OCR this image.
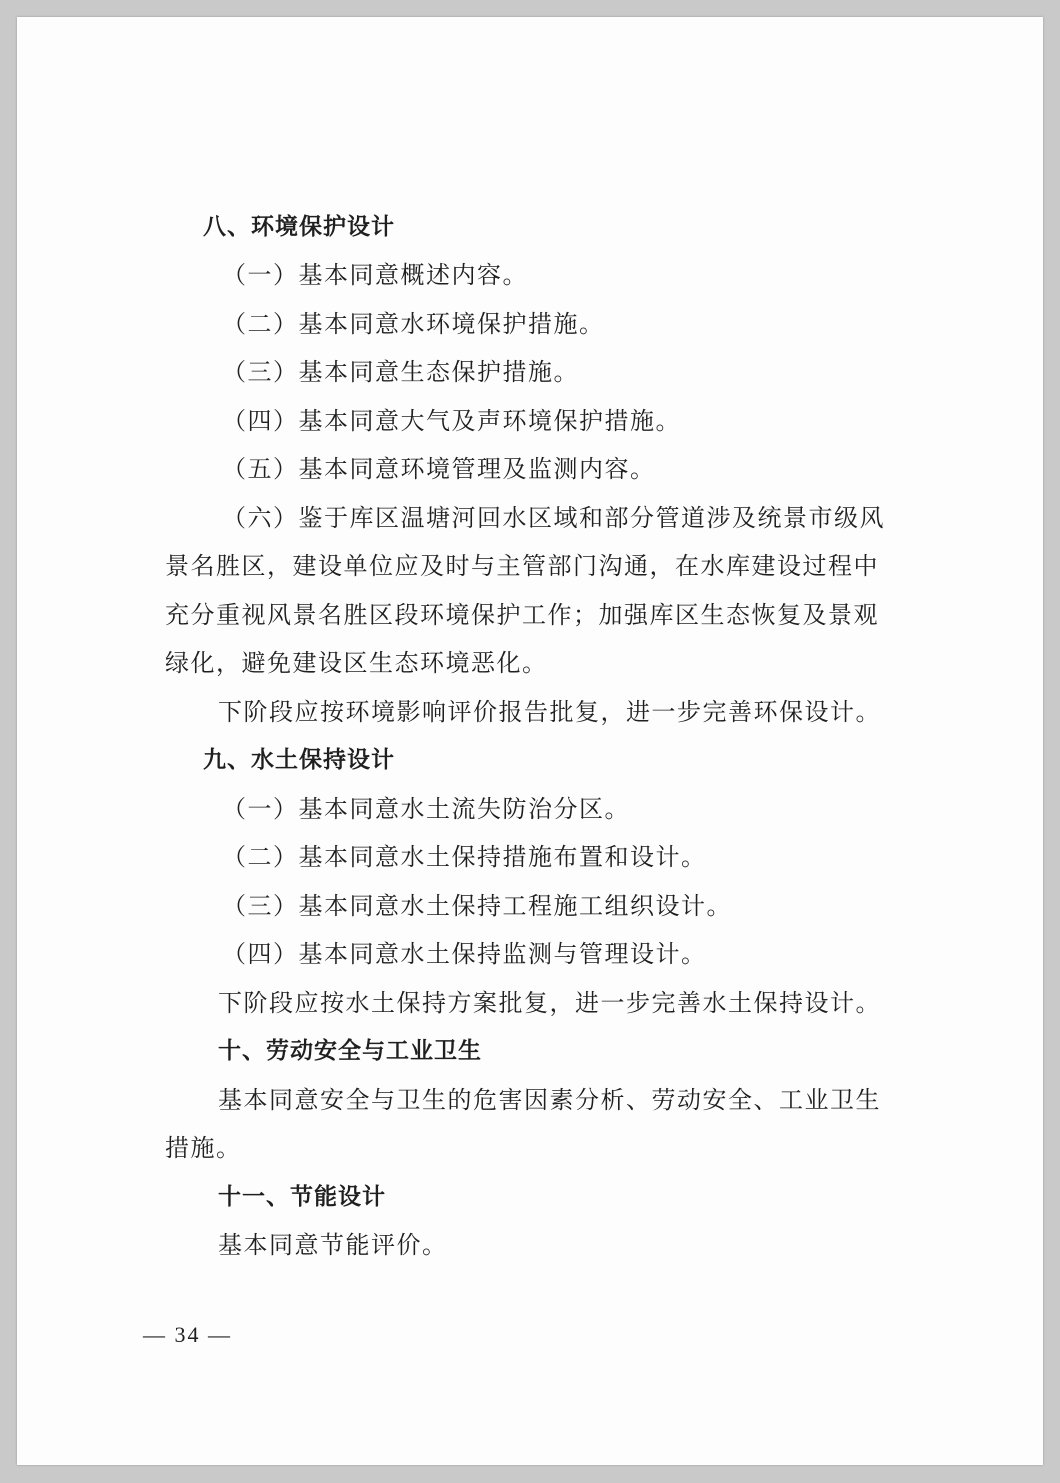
八、环境保护设计
（一）基本同意概述内容。
（二）基本同意水环境保护措施。
（三）基本同意生态保护措施。
（四）基本同意大气及声环境保护措施。
（五）基本同意环境管理及监测内容。
（六）鉴于库区温塘河回水区域和部分管道涉及统景市级风
景名胜区，建设单位应及时与主管部门沟通，在水库建设过程中
充分重视风景名胜区段环境保护工作；加强库区生态恢复及景观
绿化，避免建设区生态环境恶化。
下阶段应按环境影响评价报告批复，进一步完善环保设计。
九、水土保持设计
（一）基本同意水土流失防治分区。
（二）基本同意水土保持措施布置和设计。
（三）基本同意水土保持工程施工组织设计。
（四）基本同意水土保持监测与管理设计。
下阶段应按水土保持方案批复，进一步完善水土保持设计。
十、劳动安全与工业卫生
基本同意安全与卫生的危害因素分析、劳动安全、工业卫生
措施。
十一、节能设计
基本同意节能评价。
— 34 —
